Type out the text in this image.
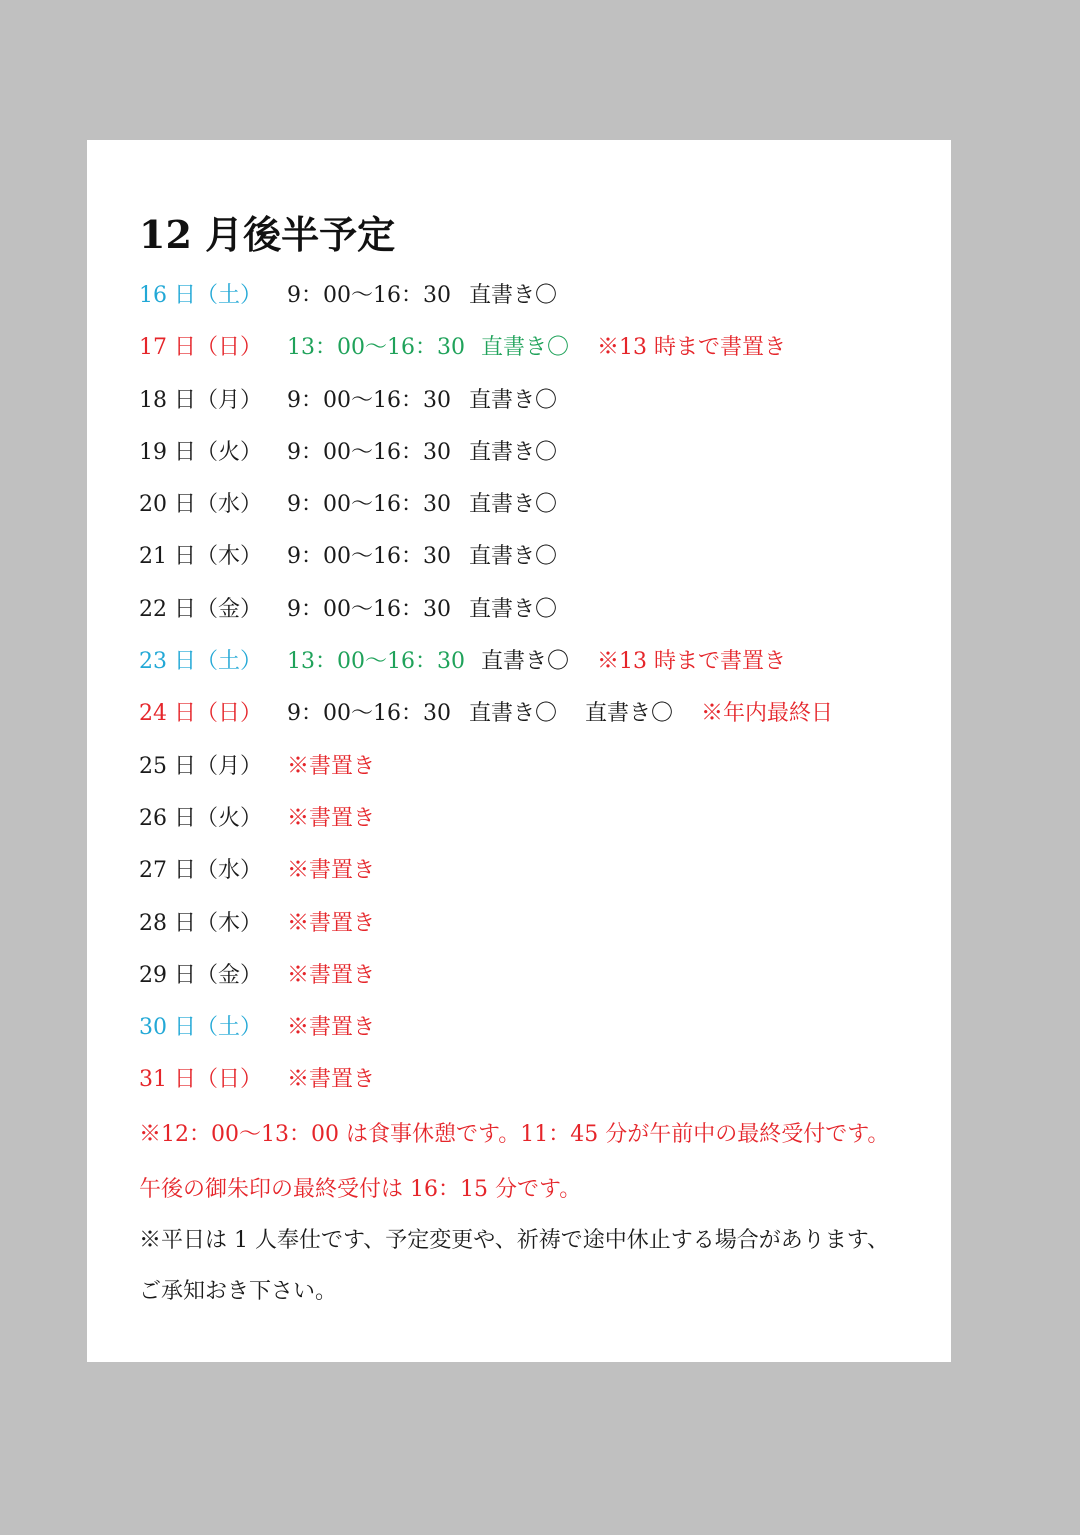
12 月後半予定
16 日（土） 9：00～16：30 直書き〇
17 日（日） 13：00～16：30 直書き〇 ※13 時まで書置き
18 日（月） 9：00～16：30 直書き〇
19 日（火） 9：00～16：30 直書き〇
20 日（水） 9：00～16：30 直書き〇
21 日（木） 9：00～16：30 直書き〇
22 日（金） 9：00～16：30 直書き〇
23 日（土） 13：00～16：30 直書き〇 ※13 時まで書置き
24 日（日） 9：00～16：30 直書き〇 直書き〇 ※年内最終日
25 日（月） ※書置き
26 日（火） ※書置き
27 日（水） ※書置き
28 日（木） ※書置き
29 日（金） ※書置き
30 日（土） ※書置き
31 日（日） ※書置き
※12：00～13：00 は食事休憩です。11：45 分が午前中の最終受付です。
午後の御朱印の最終受付は 16：15 分です。
※平日は 1 人奉仕です、予定変更や、祈祷で途中休止する場合があります、
ご承知おき下さい。
